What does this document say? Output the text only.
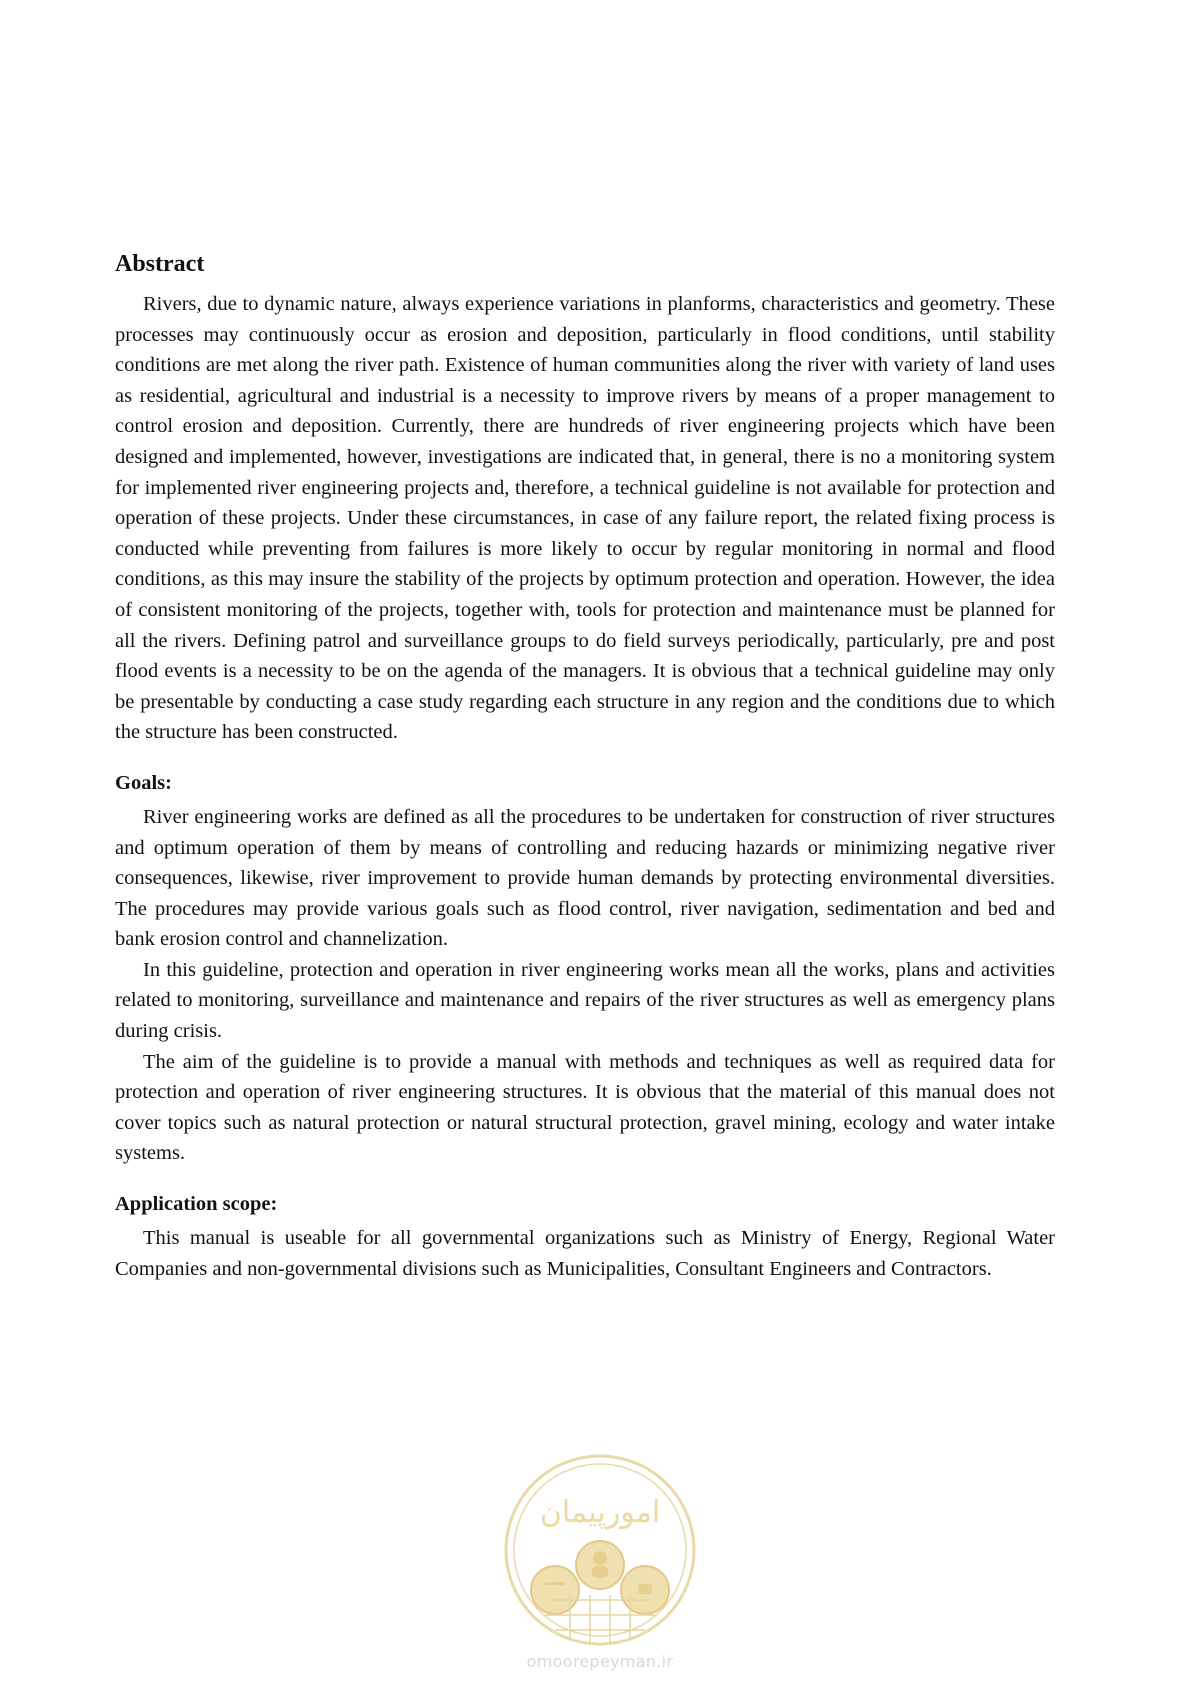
Abstract

Rivers, due to dynamic nature, always experience variations in planforms, characteristics and geometry. These processes may continuously occur as erosion and deposition, particularly in flood conditions, until stability conditions are met along the river path. Existence of human communities along the river with variety of land uses as residential, agricultural and industrial is a necessity to improve rivers by means of a proper management to control erosion and deposition. Currently, there are hundreds of river engineering projects which have been designed and implemented, however, investigations are indicated that, in general, there is no a monitoring system for implemented river engineering projects and, therefore, a technical guideline is not available for protection and operation of these projects. Under these circumstances, in case of any failure report, the related fixing process is conducted while preventing from failures is more likely to occur by regular monitoring in normal and flood conditions, as this may insure the stability of the projects by optimum protection and operation. However, the idea of consistent monitoring of the projects, together with, tools for protection and maintenance must be planned for all the rivers. Defining patrol and surveillance groups to do field surveys periodically, particularly, pre and post flood events is a necessity to be on the agenda of the managers. It is obvious that a technical guideline may only be presentable by conducting a case study regarding each structure in any region and the conditions due to which the structure has been constructed.

Goals:

River engineering works are defined as all the procedures to be undertaken for construction of river structures and optimum operation of them by means of controlling and reducing hazards or minimizing negative river consequences, likewise, river improvement to provide human demands by protecting environmental diversities. The procedures may provide various goals such as flood control, river navigation, sedimentation and bed and bank erosion control and channelization.

In this guideline, protection and operation in river engineering works mean all the works, plans and activities related to monitoring, surveillance and maintenance and repairs of the river structures as well as emergency plans during crisis.

The aim of the guideline is to provide a manual with methods and techniques as well as required data for protection and operation of river engineering structures. It is obvious that the material of this manual does not cover topics such as natural protection or natural structural protection, gravel mining, ecology and water intake systems.

Application scope:

This manual is useable for all governmental organizations such as Ministry of Energy, Regional Water Companies and non-governmental divisions such as Municipalities, Consultant Engineers and Contractors.

امورپیمان
omoorepeyman.ir
